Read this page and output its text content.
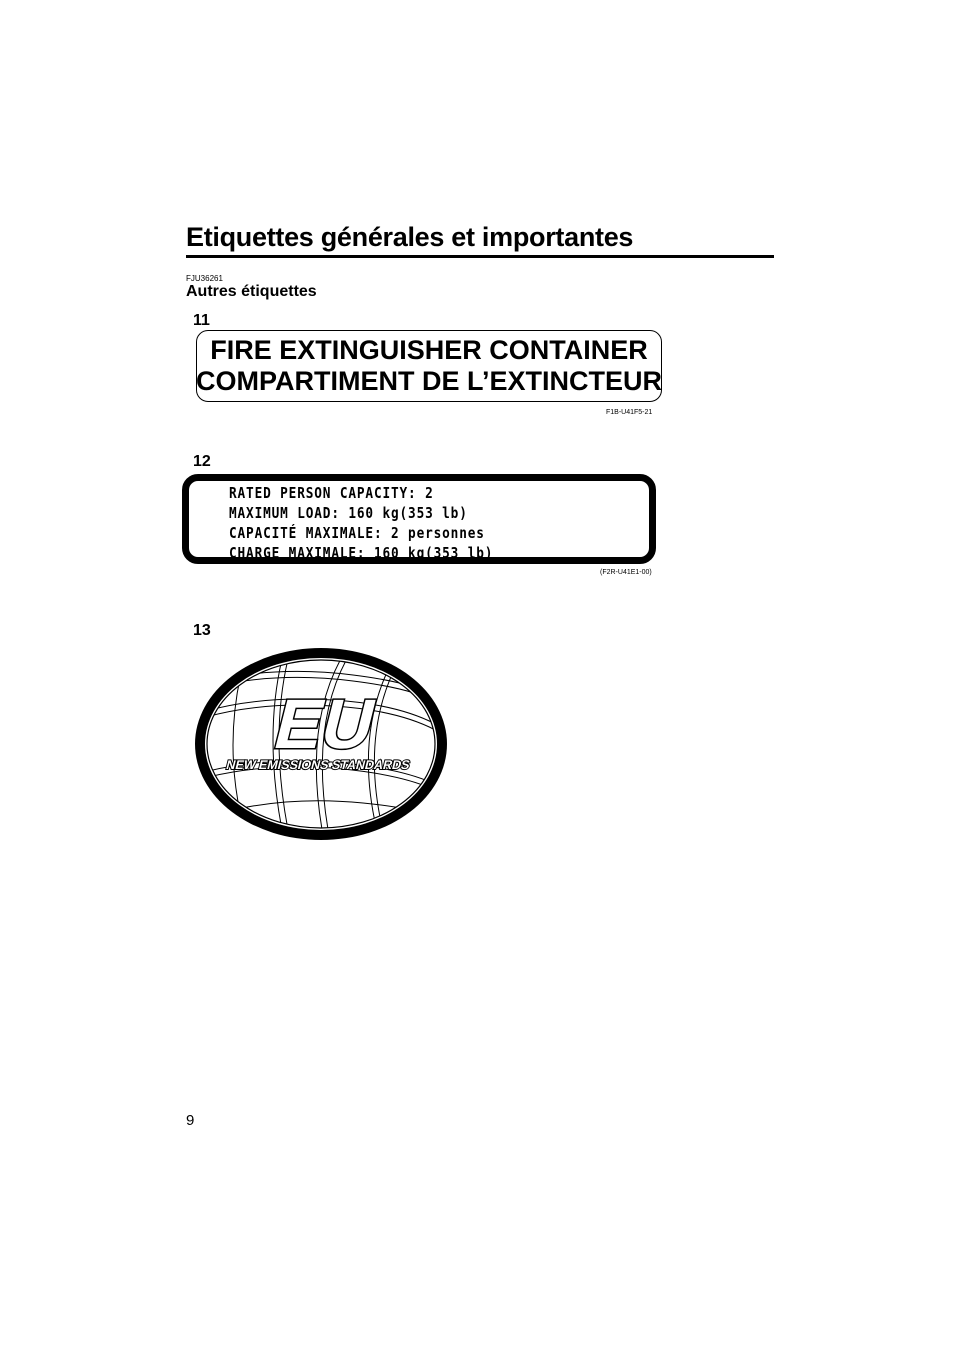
Etiquettes générales et importantes
FJU36261
Autres étiquettes
11
FIRE EXTINGUISHER CONTAINER
COMPARTIMENT DE L’EXTINCTEUR
F1B-U41F5-21
12
RATED PERSON CAPACITY: 2
MAXIMUM LOAD: 160 kg(353 lb)
CAPACITÉ MAXIMALE: 2 personnes
CHARGE MAXIMALE: 160 kg(353 lb)
(F2R-U41E1-00)
13
EU
NEW EMISSIONS STANDARDS
9
